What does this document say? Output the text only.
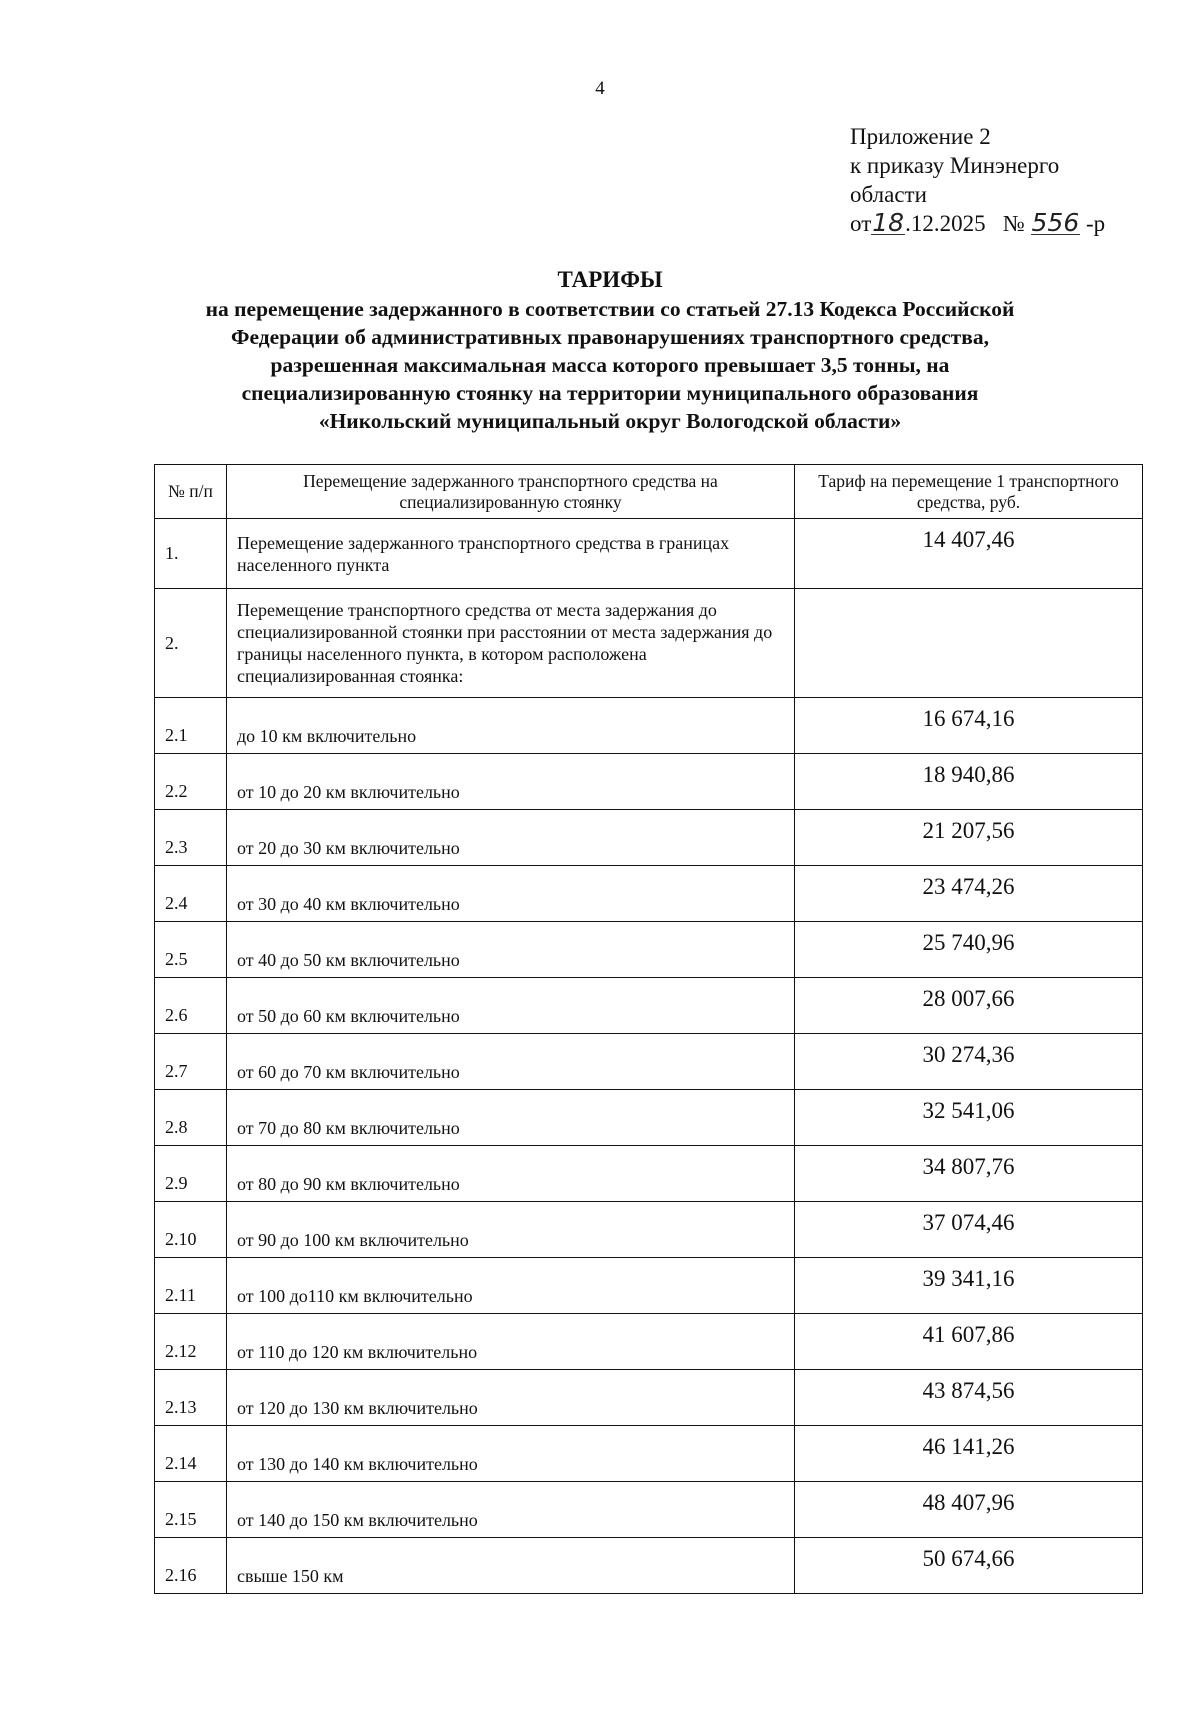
4
Приложение 2
к приказу Минэнерго
области
от18.12.2025 № 556 -р
ТАРИФЫ
на перемещение задержанного в соответствии со статьей 27.13 Кодекса Российской
Федерации об административных правонарушениях транспортного средства,
разрешенная максимальная масса которого превышает 3,5 тонны, на
специализированную стоянку на территории муниципального образования
«Никольский муниципальный округ Вологодской области»
№ п/п	Перемещение задержанного транспортного средства на специализированную стоянку	Тариф на перемещение 1 транспортного средства, руб.
1.	Перемещение задержанного транспортного средства в границах населенного пункта	14 407,46
2.	Перемещение транспортного средства от места задержания до специализированной стоянки при расстоянии от места задержания до границы населенного пункта, в котором расположена специализированная стоянка:	
2.1	до 10 км включительно	16 674,16
2.2	от 10 до 20 км включительно	18 940,86
2.3	от 20 до 30 км включительно	21 207,56
2.4	от 30 до 40 км включительно	23 474,26
2.5	от 40 до 50 км включительно	25 740,96
2.6	от 50 до 60 км включительно	28 007,66
2.7	от 60 до 70 км включительно	30 274,36
2.8	от 70 до 80 км включительно	32 541,06
2.9	от 80 до 90 км включительно	34 807,76
2.10	от 90 до 100 км включительно	37 074,46
2.11	от 100 до110 км включительно	39 341,16
2.12	от 110 до 120 км включительно	41 607,86
2.13	от 120 до 130 км включительно	43 874,56
2.14	от 130 до 140 км включительно	46 141,26
2.15	от 140 до 150 км включительно	48 407,96
2.16	свыше 150 км	50 674,66
